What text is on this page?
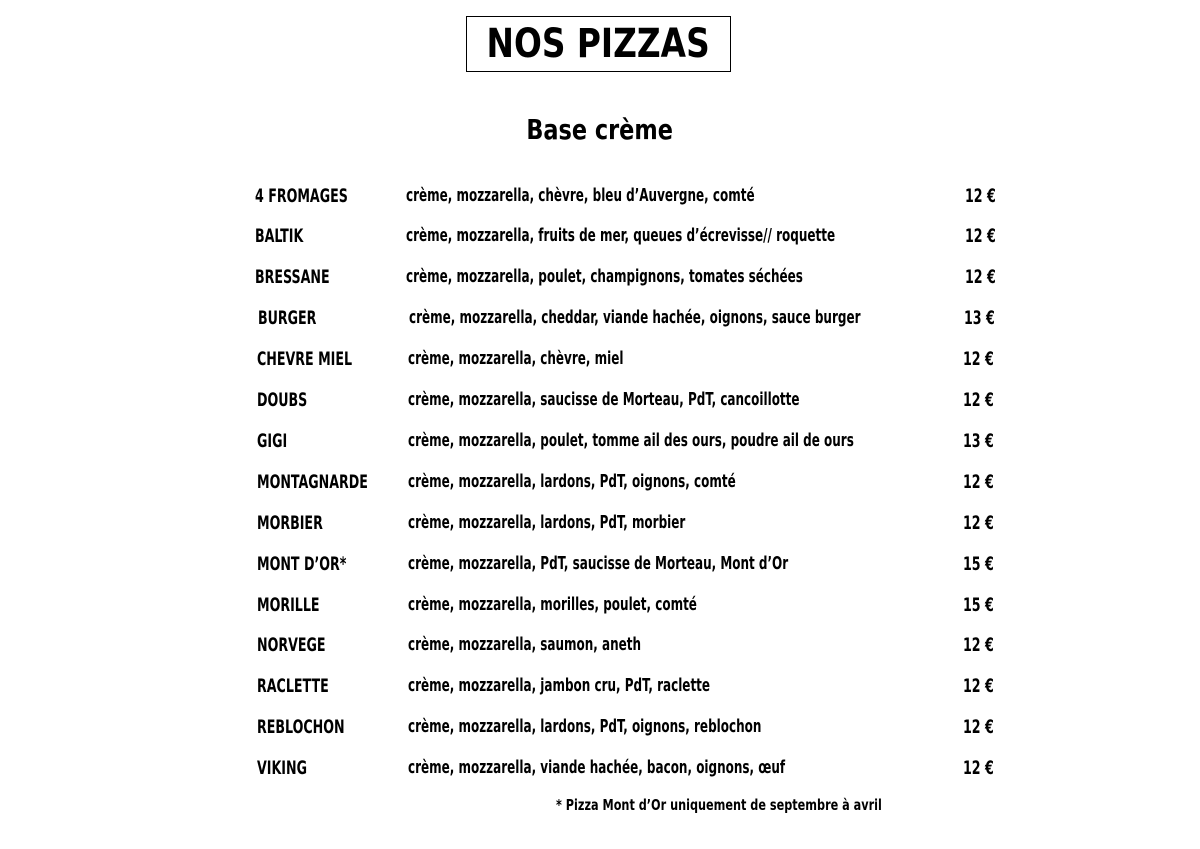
NOS PIZZAS
Base crème
4 FROMAGES	crème, mozzarella, chèvre, bleu d’Auvergne, comté	12 €
BALTIK	crème, mozzarella, fruits de mer, queues d’écrevisse// roquette	12 €
BRESSANE	crème, mozzarella, poulet, champignons, tomates séchées	12 €
BURGER	crème, mozzarella, cheddar, viande hachée, oignons, sauce burger	13 €
CHEVRE MIEL	crème, mozzarella, chèvre, miel	12 €
DOUBS	crème, mozzarella, saucisse de Morteau, PdT, cancoillotte	12 €
GIGI	crème, mozzarella, poulet, tomme ail des ours, poudre ail de ours	13 €
MONTAGNARDE crème, mozzarella, lardons, PdT, oignons, comté	12 €
MORBIER	crème, mozzarella, lardons, PdT, morbier	12 €
MONT D’OR*	crème, mozzarella, PdT, saucisse de Morteau, Mont d’Or	15 €
MORILLE	crème, mozzarella, morilles, poulet, comté	15 €
NORVEGE	crème, mozzarella, saumon, aneth	12 €
RACLETTE	crème, mozzarella, jambon cru, PdT, raclette	12 €
REBLOCHON	crème, mozzarella, lardons, PdT, oignons, reblochon	12 €
VIKING	crème, mozzarella, viande hachée, bacon, oignons, œuf	12 €
* Pizza Mont d’Or uniquement de septembre à avril
